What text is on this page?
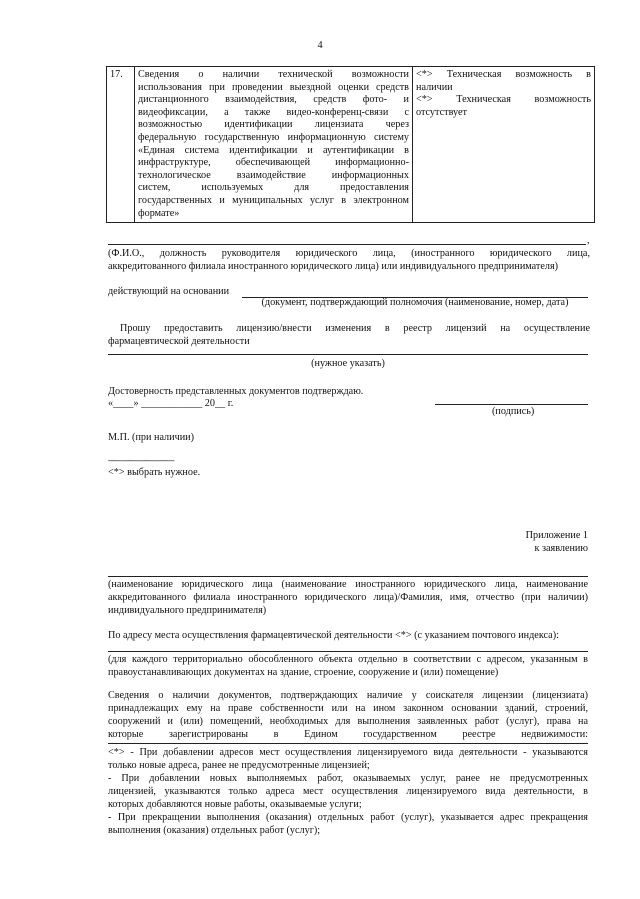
4
17.	Сведения о наличии технической возможности
использования при проведении выездной оценки средств
дистанционного взаимодействия, средств фото- и
видеофиксации, а также видео-конференц-связи с
возможностью идентификации лицензиата через
федеральную государственную информационную систему
«Единая система идентификации и аутентификации в
инфраструктуре, обеспечивающей информационно-
технологическое взаимодействие информационных
систем, используемых для предоставления
государственных и муниципальных услуг в электронном
формате»

<*> Техническая возможность в
наличии
<*> Техническая возможность
отсутствует
,
(Ф.И.О., должность руководителя юридического лица, (иностранного юридического лица,
аккредитованного филиала иностранного юридического лица) или индивидуального предпринимателя)
действующий на основании
(документ, подтверждающий полномочия (наименование, номер, дата)
Прошу предоставить лицензию/внести изменения в реестр лицензий на осуществление
фармацевтической деятельности
(нужное указать)
Достоверность представленных документов подтверждаю.
«____» ____________ 20__ г.
(подпись)
М.П. (при наличии)
--------------------------------
<*> выбрать нужное.
Приложение 1
к заявлению
(наименование юридического лица (наименование иностранного юридического лица, наименование
аккредитованного филиала иностранного юридического лица)/Фамилия, имя, отчество (при наличии)
индивидуального предпринимателя)
По адресу места осуществления фармацевтической деятельности <*> (с указанием почтового индекса):
(для каждого территориально обособленного объекта отдельно в соответствии с адресом, указанным в
правоустанавливающих документах на здание, строение, сооружение и (или) помещение)
Сведения о наличии документов, подтверждающих наличие у соискателя лицензии (лицензиата)
принадлежащих ему на праве собственности или на ином законном основании зданий, строений,
сооружений и (или) помещений, необходимых для выполнения заявленных работ (услуг), права на
которые зарегистрированы в Едином государственном реестре недвижимости:
<*> - При добавлении адресов мест осуществления лицензируемого вида деятельности - указываются
только новые адреса, ранее не предусмотренные лицензией;
- При добавлении новых выполняемых работ, оказываемых услуг, ранее не предусмотренных
лицензией, указываются только адреса мест осуществления лицензируемого вида деятельности, в
которых добавляются новые работы, оказываемые услуги;
- При прекращении выполнения (оказания) отдельных работ (услуг), указывается адрес прекращения
выполнения (оказания) отдельных работ (услуг);
